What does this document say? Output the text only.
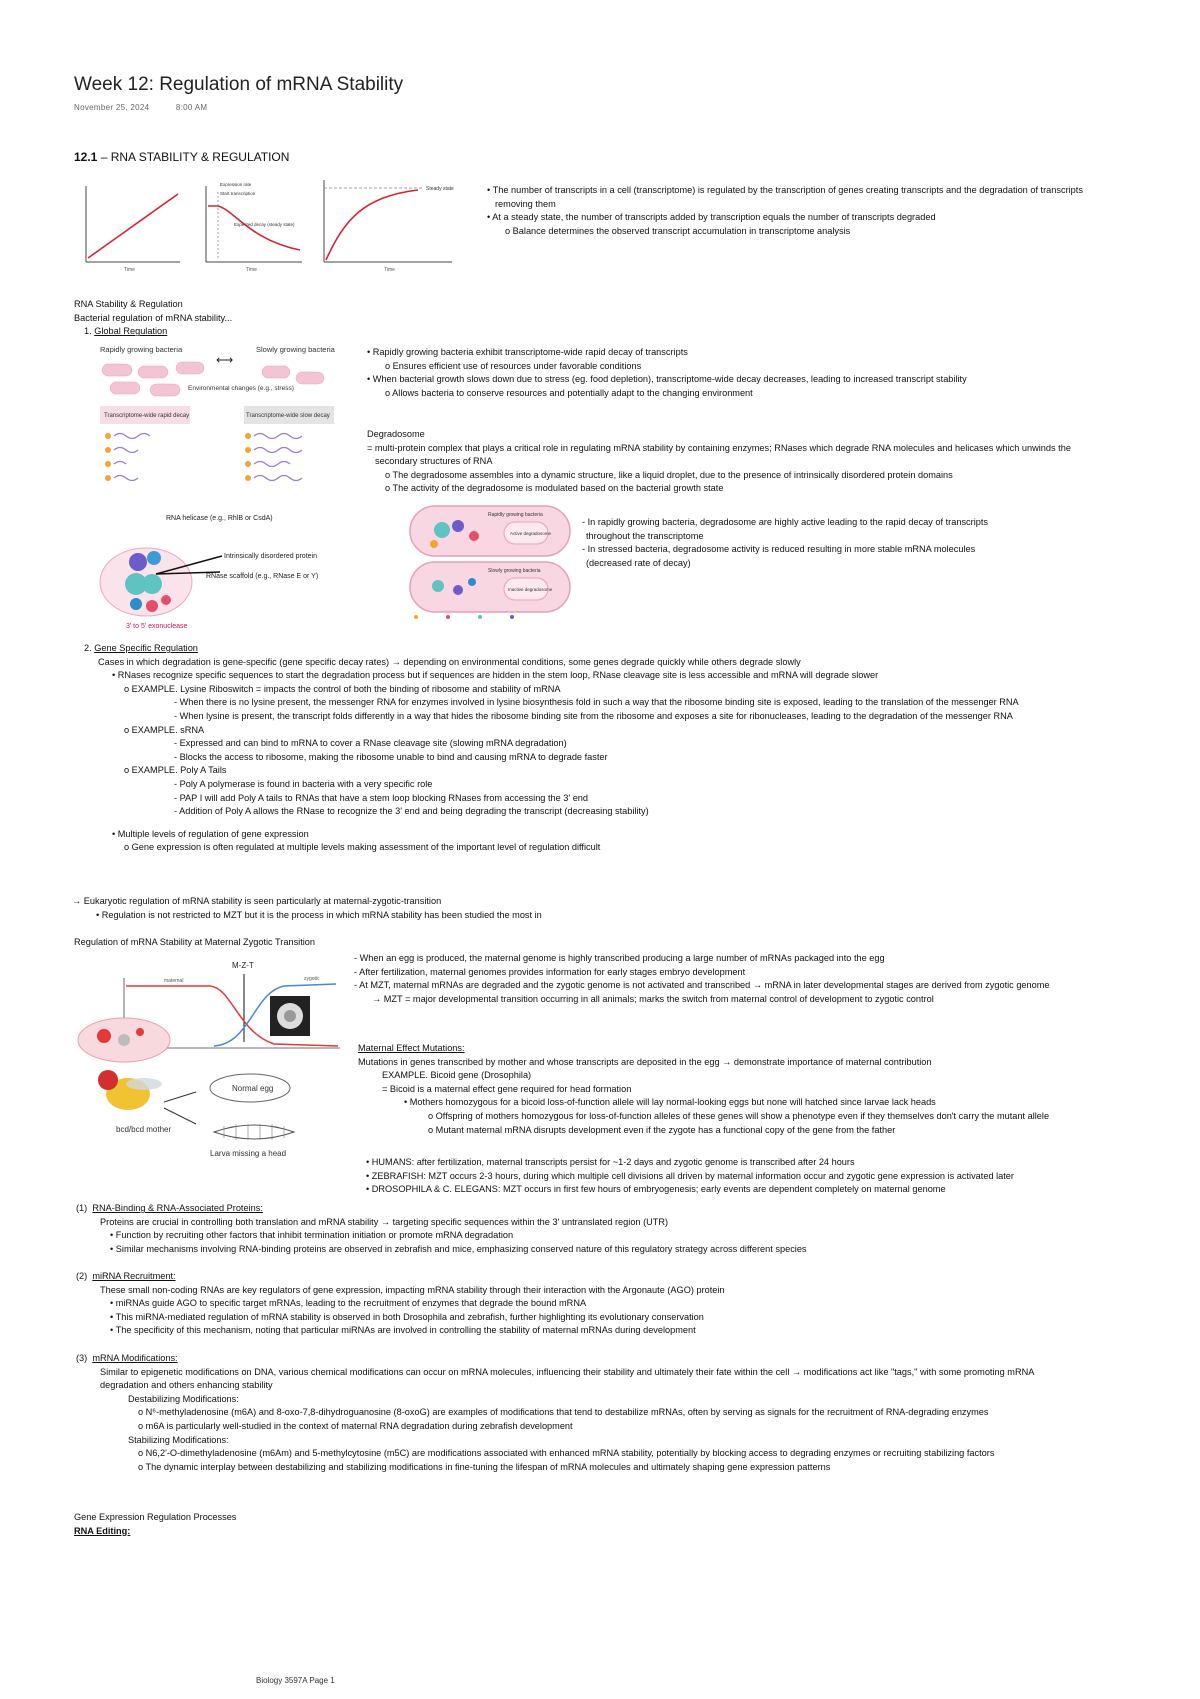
Week 12: Regulation of mRNA Stability
November 25, 2024	8:00 AM
12.1 – RNA STABILITY & REGULATION
Time
Expression rate
Start transcription
Expected decay (steady state)
Time
Steady state
Time
• The number of transcripts in a cell (transcriptome) is regulated by the transcription of genes creating transcripts and the degradation of transcripts
removing them
• At a steady state, the number of transcripts added by transcription equals the number of transcripts degraded
o Balance determines the observed transcript accumulation in transcriptome analysis
RNA Stability & Regulation
Bacterial regulation of mRNA stability...
1. Global Regulation
Rapidly growing bacteria	Slowly growing bacteria
⟷
Environmental changes (e.g., stress)
Transcriptome-wide rapid decay	Transcriptome-wide slow decay
RNA helicase (e.g., RhlB or CsdA)
Intrinsically disordered protein
RNase scaffold (e.g., RNase E or Y)
3' to 5' exonuclease
• Rapidly growing bacteria exhibit transcriptome-wide rapid decay of transcripts
o Ensures efficient use of resources under favorable conditions
• When bacterial growth slows down due to stress (eg. food depletion), transcriptome-wide decay decreases, leading to increased transcript stability
o Allows bacteria to conserve resources and potentially adapt to the changing environment
Degradosome
= multi-protein complex that plays a critical role in regulating mRNA stability by containing enzymes; RNases which degrade RNA molecules and helicases which unwinds the
secondary structures of RNA
o The degradosome assembles into a dynamic structure, like a liquid droplet, due to the presence of intrinsically disordered protein domains
o The activity of the degradosome is modulated based on the bacterial growth state
Rapidly growing bacteria
Active degradosome
Slowly growing bacteria
Inactive degradosome
- In rapidly growing bacteria, degradosome are highly active leading to the rapid decay of transcripts
throughout the transcriptome
- In stressed bacteria, degradosome activity is reduced resulting in more stable mRNA molecules
(decreased rate of decay)
2. Gene Specific Regulation
Cases in which degradation is gene-specific (gene specific decay rates) → depending on environmental conditions, some genes degrade quickly while others degrade slowly
• RNases recognize specific sequences to start the degradation process but if sequences are hidden in the stem loop, RNase cleavage site is less accessible and mRNA will degrade slower
o EXAMPLE. Lysine Riboswitch = impacts the control of both the binding of ribosome and stability of mRNA
- When there is no lysine present, the messenger RNA for enzymes involved in lysine biosynthesis fold in such a way that the ribosome binding site is exposed, leading to the translation of the messenger RNA
- When lysine is present, the transcript folds differently in a way that hides the ribosome binding site from the ribosome and exposes a site for ribonucleases, leading to the degradation of the messenger RNA
o EXAMPLE. sRNA
- Expressed and can bind to mRNA to cover a RNase cleavage site (slowing mRNA degradation)
- Blocks the access to ribosome, making the ribosome unable to bind and causing mRNA to degrade faster
o EXAMPLE. Poly A Tails
- Poly A polymerase is found in bacteria with a very specific role
- PAP I will add Poly A tails to RNAs that have a stem loop blocking RNases from accessing the 3' end
- Addition of Poly A allows the RNase to recognize the 3' end and being degrading the transcript (decreasing stability)
• Multiple levels of regulation of gene expression
o Gene expression is often regulated at multiple levels making assessment of the important level of regulation difficult
→ Eukaryotic regulation of mRNA stability is seen particularly at maternal-zygotic-transition
• Regulation is not restricted to MZT but it is the process in which mRNA stability has been studied the most in
Regulation of mRNA Stability at Maternal Zygotic Transition
M-Z-T
maternal	zygotic
Normal egg
bcd/bcd mother
Larva missing a head
- When an egg is produced, the maternal genome is highly transcribed producing a large number of mRNAs packaged into the egg
- After fertilization, maternal genomes provides information for early stages embryo development
- At MZT, maternal mRNAs are degraded and the zygotic genome is not activated and transcribed → mRNA in later developmental stages are derived from zygotic genome
→ MZT = major developmental transition occurring in all animals; marks the switch from maternal control of development to zygotic control
Maternal Effect Mutations:
Mutations in genes transcribed by mother and whose transcripts are deposited in the egg → demonstrate importance of maternal contribution
EXAMPLE. Bicoid gene (Drosophila)
= Bicoid is a maternal effect gene required for head formation
• Mothers homozygous for a bicoid loss-of-function allele will lay normal-looking eggs but none will hatched since larvae lack heads
o Offspring of mothers homozygous for loss-of-function alleles of these genes will show a phenotype even if they themselves don't carry the mutant allele
o Mutant maternal mRNA disrupts development even if the zygote has a functional copy of the gene from the father
• HUMANS: after fertilization, maternal transcripts persist for ~1-2 days and zygotic genome is transcribed after 24 hours
• ZEBRAFISH: MZT occurs 2-3 hours, during which multiple cell divisions all driven by maternal information occur and zygotic gene expression is activated later
• DROSOPHILA & C. ELEGANS: MZT occurs in first few hours of embryogenesis; early events are dependent completely on maternal genome
(1) RNA-Binding & RNA-Associated Proteins:
Proteins are crucial in controlling both translation and mRNA stability → targeting specific sequences within the 3' untranslated region (UTR)
• Function by recruiting other factors that inhibit termination initiation or promote mRNA degradation
• Similar mechanisms involving RNA-binding proteins are observed in zebrafish and mice, emphasizing conserved nature of this regulatory strategy across different species
(2) miRNA Recruitment:
These small non-coding RNAs are key regulators of gene expression, impacting mRNA stability through their interaction with the Argonaute (AGO) protein
• miRNAs guide AGO to specific target mRNAs, leading to the recruitment of enzymes that degrade the bound mRNA
• This miRNA-mediated regulation of mRNA stability is observed in both Drosophila and zebrafish, further highlighting its evolutionary conservation
• The specificity of this mechanism, noting that particular miRNAs are involved in controlling the stability of maternal mRNAs during development
(3) mRNA Modifications:
Similar to epigenetic modifications on DNA, various chemical modifications can occur on mRNA molecules, influencing their stability and ultimately their fate within the cell → modifications act like "tags," with some promoting mRNA
degradation and others enhancing stability
Destabilizing Modifications:
o N⁶-methyladenosine (m6A) and 8-oxo-7,8-dihydroguanosine (8-oxoG) are examples of modifications that tend to destabilize mRNAs, often by serving as signals for the recruitment of RNA-degrading enzymes
o m6A is particularly well-studied in the context of maternal RNA degradation during zebrafish development
Stabilizing Modifications:
o N6,2'-O-dimethyladenosine (m6Am) and 5-methylcytosine (m5C) are modifications associated with enhanced mRNA stability, potentially by blocking access to degrading enzymes or recruiting stabilizing factors
o The dynamic interplay between destabilizing and stabilizing modifications in fine-tuning the lifespan of mRNA molecules and ultimately shaping gene expression patterns
Gene Expression Regulation Processes
RNA Editing:
Biology 3597A Page 1
